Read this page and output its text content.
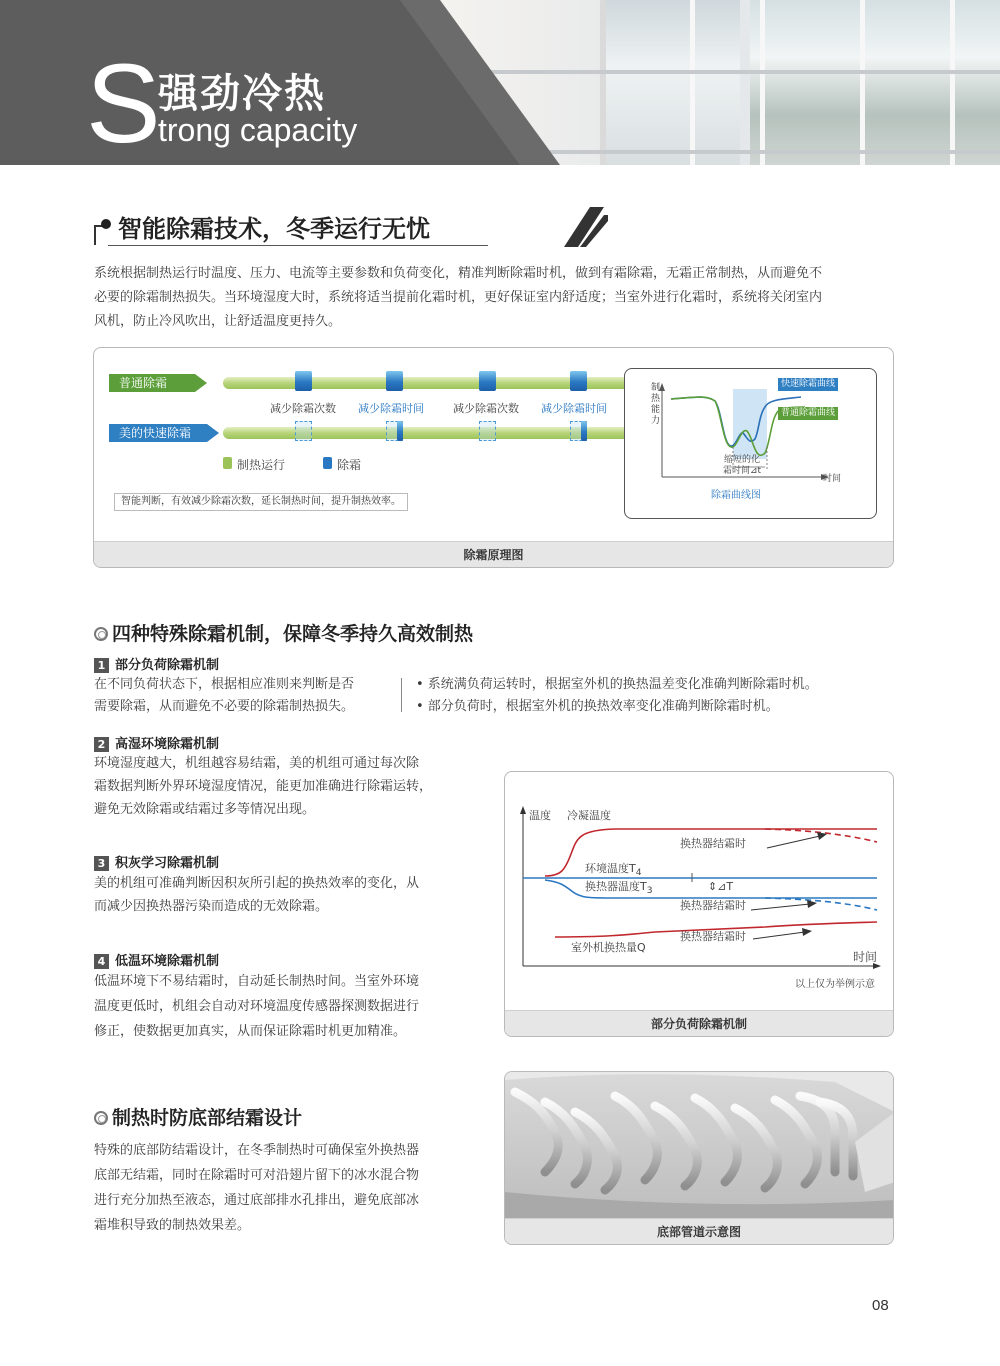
S
强劲冷热
trong capacity
智能除霜技术，冬季运行无忧
系统根据制热运行时温度、压力、电流等主要参数和负荷变化，精准判断除霜时机，做到有霜除霜，无霜正常制热，从而避免不
必要的除霜制热损失。当环境湿度大时，系统将适当提前化霜时机，更好保证室内舒适度；当室外进行化霜时，系统将关闭室内
风机，防止冷风吹出，让舒适温度更持久。
普通除霜
减少除霜次数 减少除霜时间	减少除霜次数 减少除霜时间
美的快速除霜
制热运行	除霜
智能判断，有效减少除霜次数，延长制热时间，提升制热效率。
制热能力
时间
快速除霜曲线
普通除霜曲线
缩短的化
霜时间⊿t
除霜曲线图
除霜原理图
四种特殊除霜机制，保障冬季持久高效制热
1 部分负荷除霜机制
在不同负荷状态下，根据相应准则来判断是否
需要除霜，从而避免不必要的除霜制热损失。
• 系统满负荷运转时，根据室外机的换热温差变化准确判断除霜时机。
• 部分负荷时，根据室外机的换热效率变化准确判断除霜时机。
2 高湿环境除霜机制
环境湿度越大，机组越容易结霜，美的机组可通过每次除
霜数据判断外界环境湿度情况，能更加准确进行除霜运转，
避免无效除霜或结霜过多等情况出现。
3 积灰学习除霜机制
美的机组可准确判断因积灰所引起的换热效率的变化，从
而减少因换热器污染而造成的无效除霜。
4 低温环境除霜机制
低温环境下不易结霜时，自动延长制热时间。当室外环境
温度更低时，机组会自动对环境温度传感器探测数据进行
修正，使数据更加真实，从而保证除霜时机更加精准。
温度 冷凝温度
换热器结霜时
环境温度$T_4$
换热器温度$T_3$	⇕⊿T
换热器结霜时
换热器结霜时
室外机换热量Q
时间
以上仅为举例示意
部分负荷除霜机制
制热时防底部结霜设计
特殊的底部防结霜设计，在冬季制热时可确保室外换热器
底部无结霜，同时在除霜时可对沿翅片留下的冰水混合物
进行充分加热至液态，通过底部排水孔排出，避免底部冰
霜堆积导致的制热效果差。	底部管道示意图
08
